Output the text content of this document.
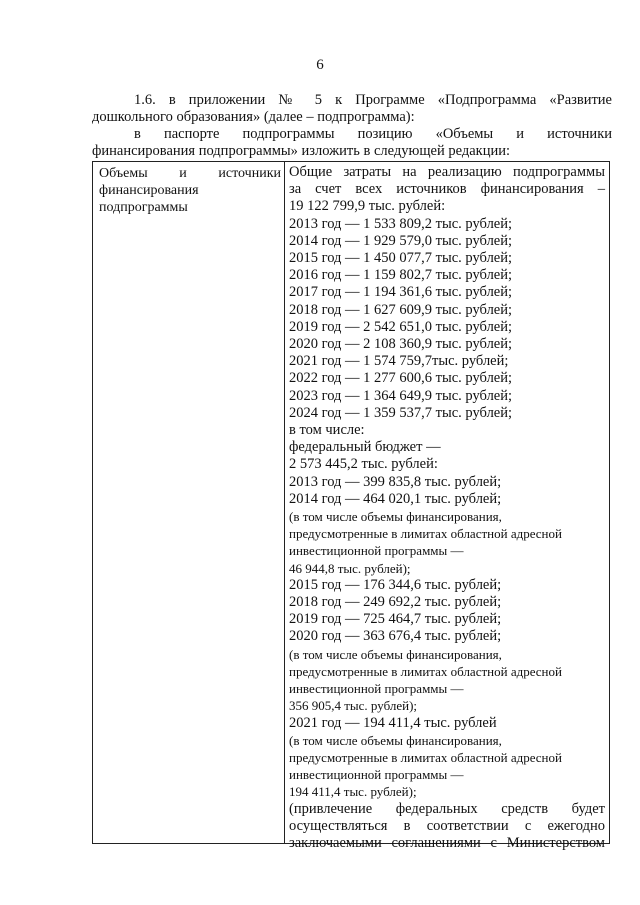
6
1.6. в приложении № 5 к Программе «Подпрограмма «Развитие
дошкольного образования» (далее – подпрограмма):
в паспорте подпрограммы позицию «Объемы и источники
финансирования подпрограммы» изложить в следующей редакции:
Объемы и источники
финансирования
подпрограммы
Общие затраты на реализацию подпрограммы
за счет всех источников финансирования –
19 122 799,9 тыс. рублей:
2013 год — 1 533 809,2 тыс. рублей;
2014 год — 1 929 579,0 тыс. рублей;
2015 год — 1 450 077,7 тыс. рублей;
2016 год — 1 159 802,7 тыс. рублей;
2017 год — 1 194 361,6 тыс. рублей;
2018 год — 1 627 609,9 тыс. рублей;
2019 год — 2 542 651,0 тыс. рублей;
2020 год — 2 108 360,9 тыс. рублей;
2021 год — 1 574 759,7тыс. рублей;
2022 год — 1 277 600,6 тыс. рублей;
2023 год — 1 364 649,9 тыс. рублей;
2024 год — 1 359 537,7 тыс. рублей;
в том числе:
федеральный бюджет —
2 573 445,2 тыс. рублей:
2013 год — 399 835,8 тыс. рублей;
2014 год — 464 020,1 тыс. рублей;
(в том числе объемы финансирования,
предусмотренные в лимитах областной адресной
инвестиционной программы —
46 944,8 тыс. рублей);
2015 год — 176 344,6 тыс. рублей;
2018 год — 249 692,2 тыс. рублей;
2019 год — 725 464,7 тыс. рублей;
2020 год — 363 676,4 тыс. рублей;
(в том числе объемы финансирования,
предусмотренные в лимитах областной адресной
инвестиционной программы —
356 905,4 тыс. рублей);
2021 год — 194 411,4 тыс. рублей
(в том числе объемы финансирования,
предусмотренные в лимитах областной адресной
инвестиционной программы —
194 411,4 тыс. рублей);
(привлечение федеральных средств будет
осуществляться в соответствии с ежегодно
заключаемыми соглашениями с Министерством
